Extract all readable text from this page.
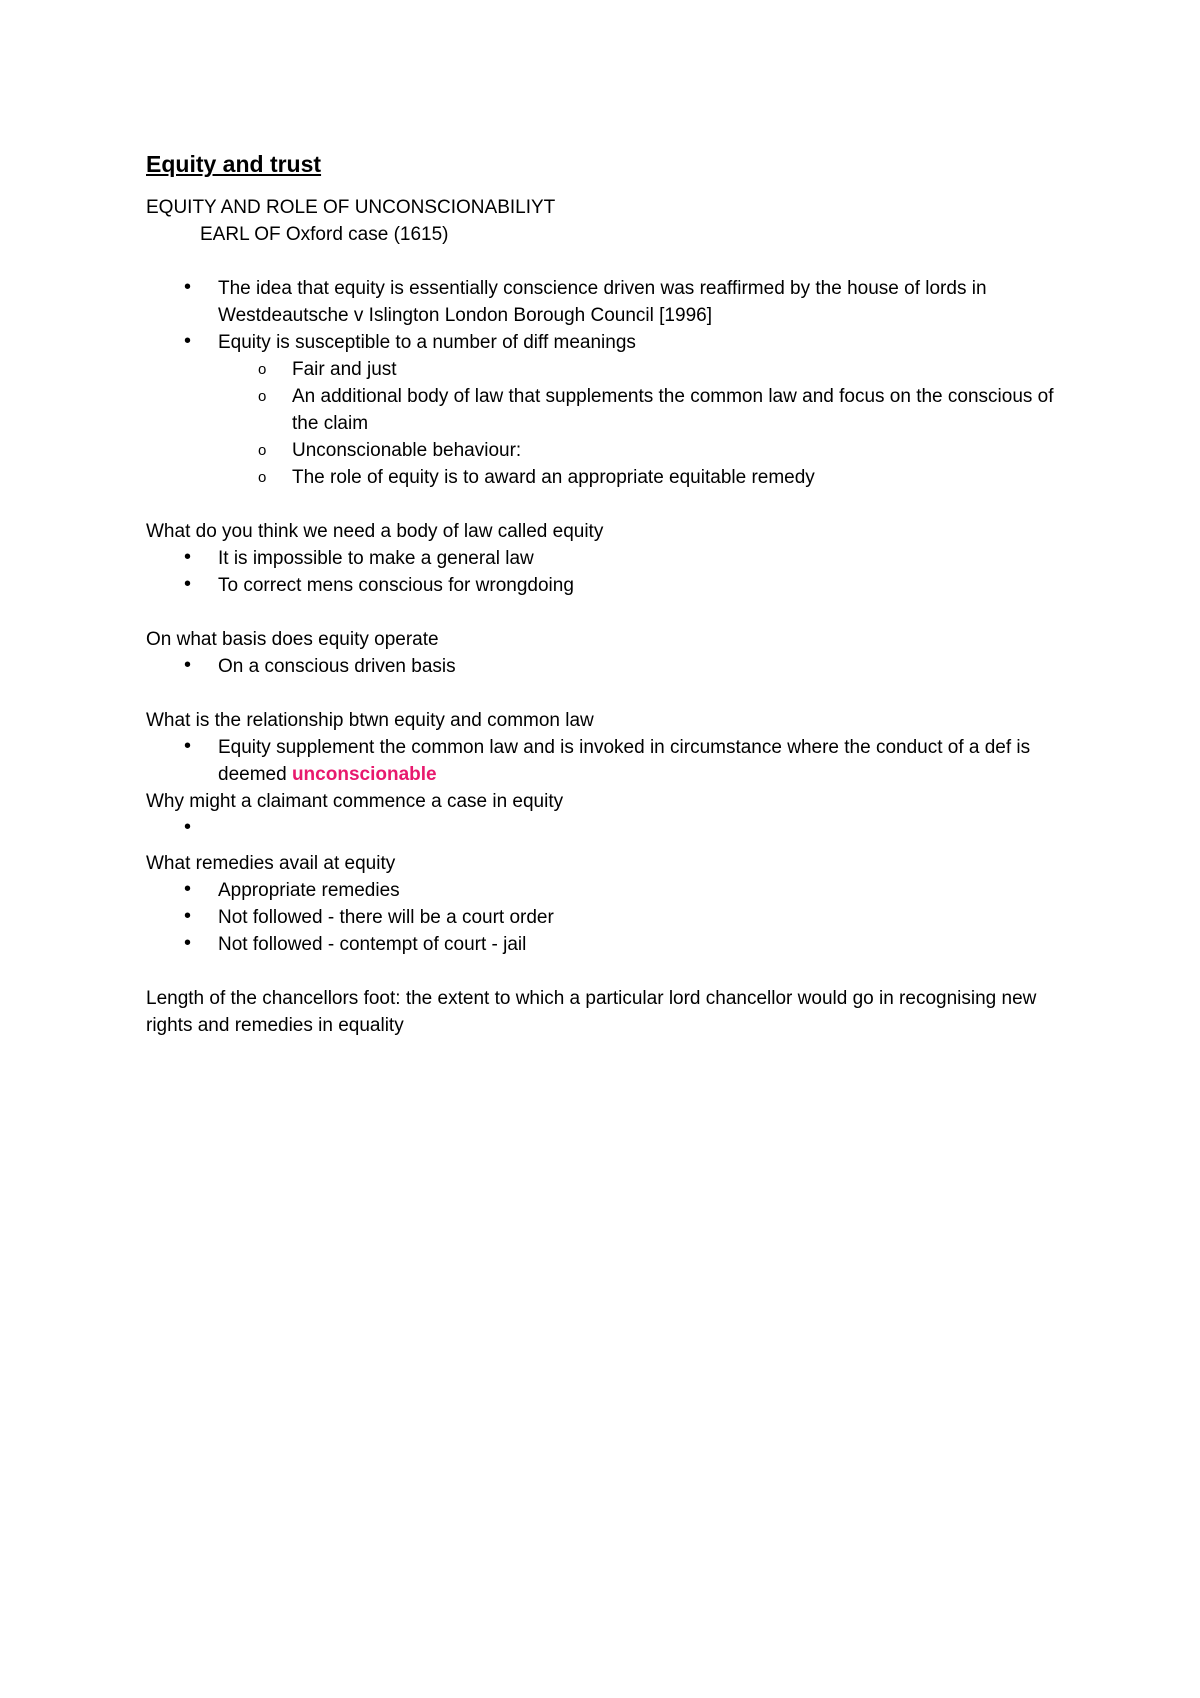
Equity and trust

EQUITY AND ROLE OF UNCONSCIONABILIYT

EARL OF Oxford case (1615)

• The idea that equity is essentially conscience driven was reaffirmed by the house of lords in Westdeautsche v Islington London Borough Council [1996]
• Equity is susceptible to a number of diff meanings
o Fair and just
o An additional body of law that supplements the common law and focus on the conscious of the claim
o Unconscionable behaviour:
o The role of equity is to award an appropriate equitable remedy

What do you think we need a body of law called equity

• It is impossible to make a general law
• To correct mens conscious for wrongdoing

On what basis does equity operate

• On a conscious driven basis

What is the relationship btwn equity and common law

• Equity supplement the common law and is invoked in circumstance where the conduct of a def is deemed unconscionable

Why might a claimant commence a case in equity

•

What remedies avail at equity

• Appropriate remedies
• Not followed - there will be a court order
• Not followed - contempt of court - jail

Length of the chancellors foot: the extent to which a particular lord chancellor would go in recognising new rights and remedies in equality
